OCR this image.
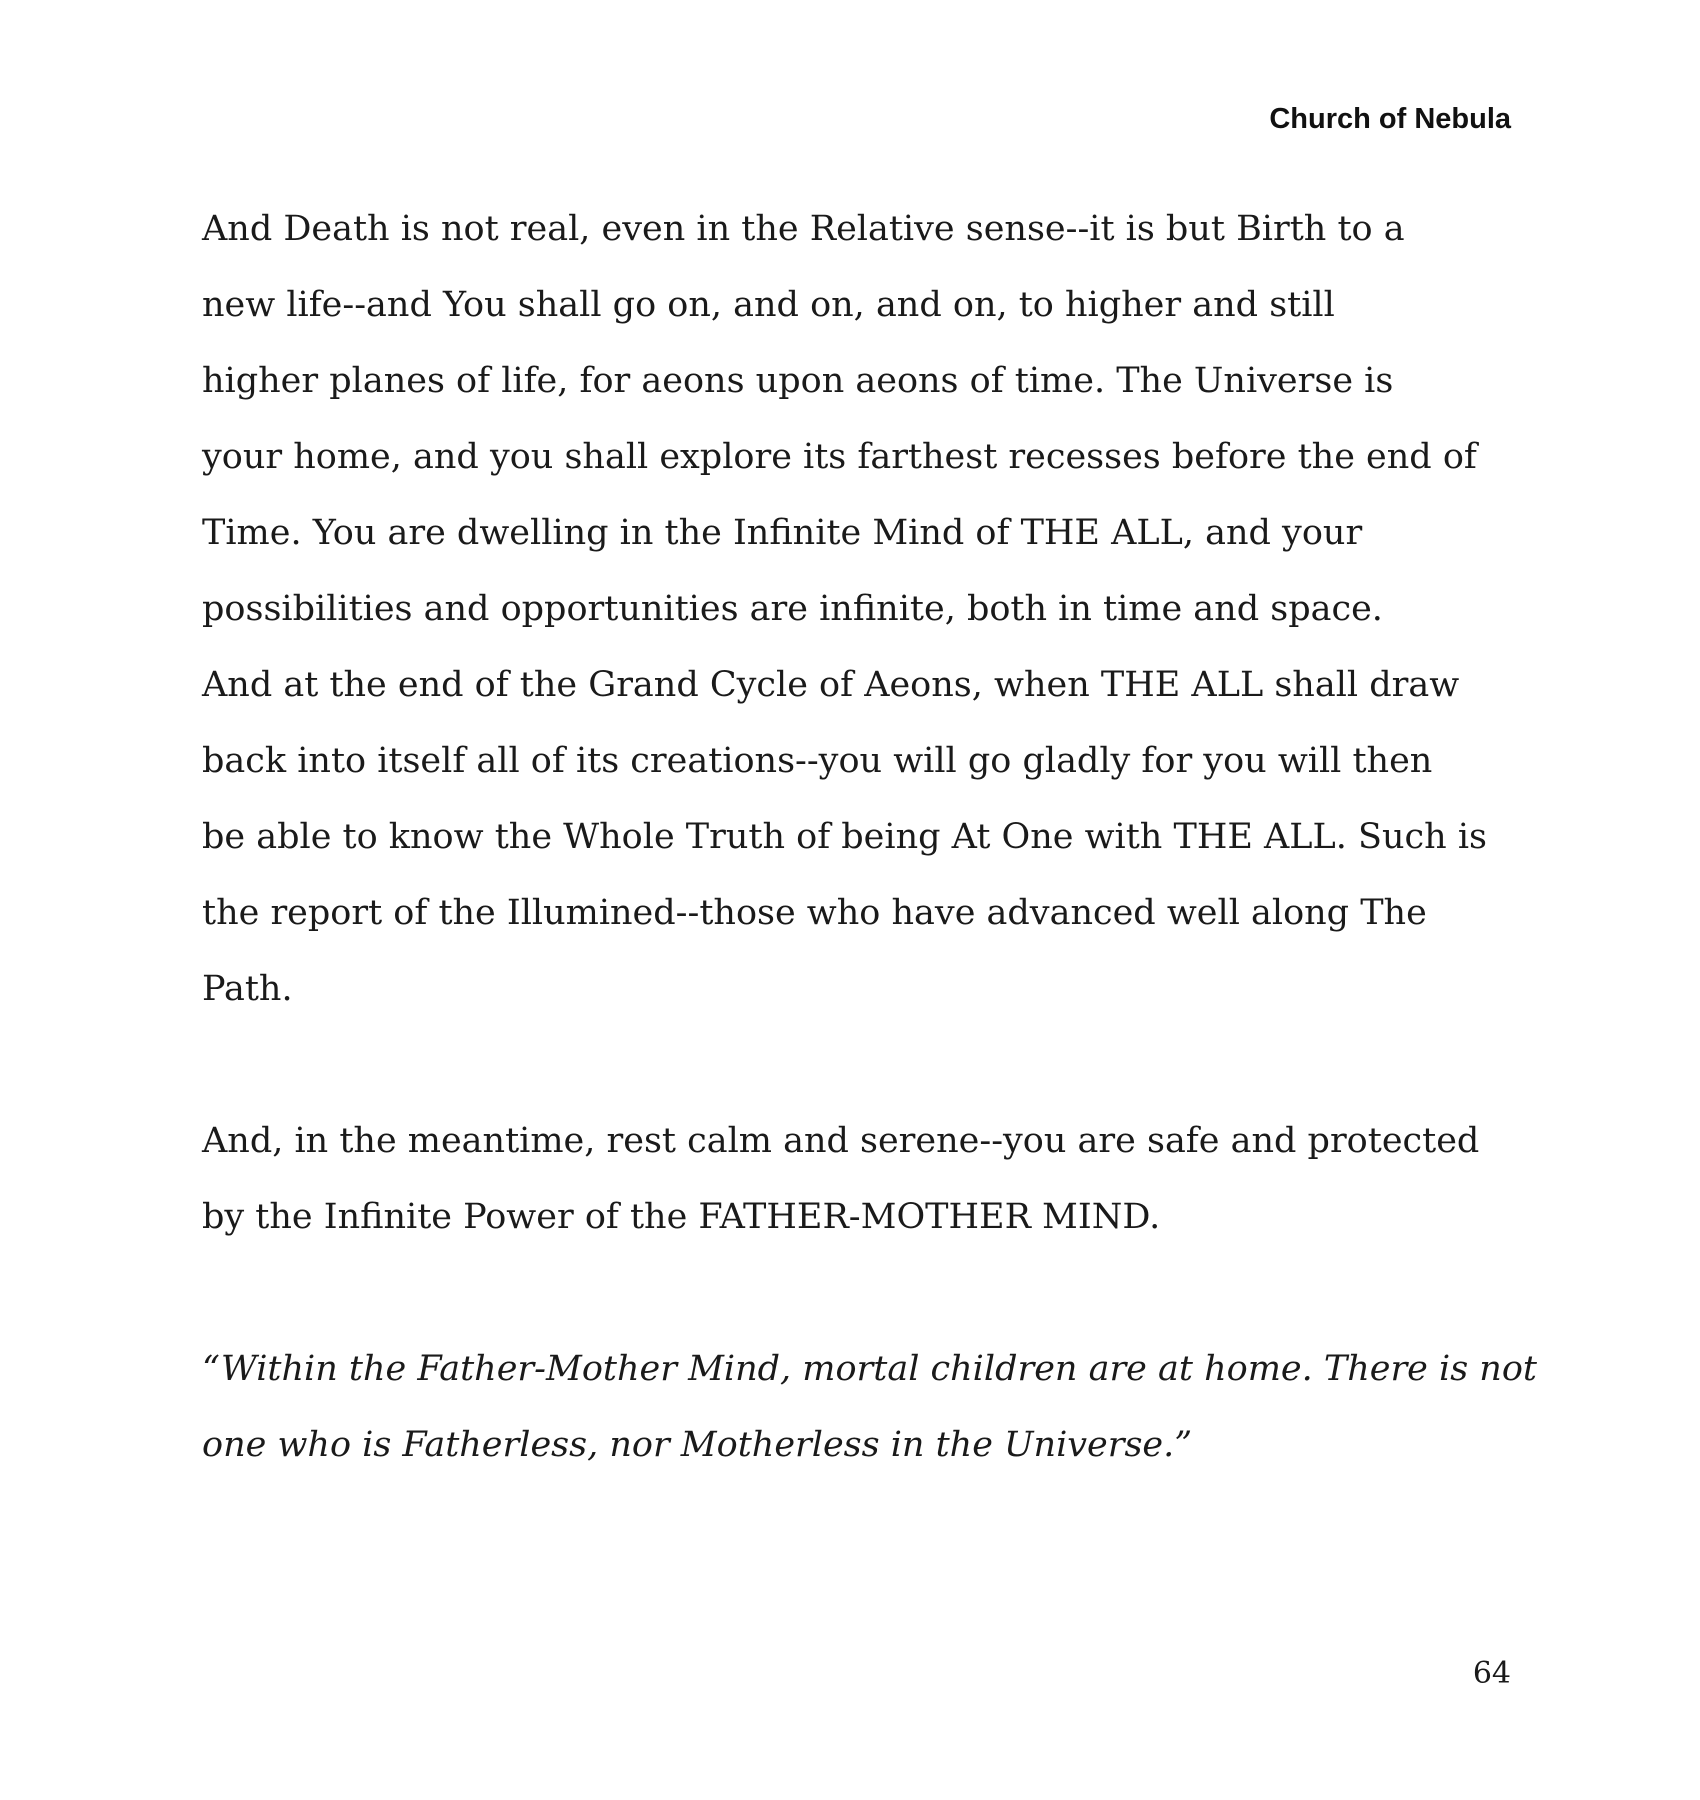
Church of Nebula
And Death is not real, even in the Relative sense--it is but Birth to a
new life--and You shall go on, and on, and on, to higher and still
higher planes of life, for aeons upon aeons of time. The Universe is
your home, and you shall explore its farthest recesses before the end of
Time. You are dwelling in the Infinite Mind of THE ALL, and your
possibilities and opportunities are infinite, both in time and space.
And at the end of the Grand Cycle of Aeons, when THE ALL shall draw
back into itself all of its creations--you will go gladly for you will then
be able to know the Whole Truth of being At One with THE ALL. Such is
the report of the Illumined--those who have advanced well along The
Path.
And, in the meantime, rest calm and serene--you are safe and protected
by the Infinite Power of the FATHER-MOTHER MIND.
“Within the Father-Mother Mind, mortal children are at home. There is not
one who is Fatherless, nor Motherless in the Universe.”
64
